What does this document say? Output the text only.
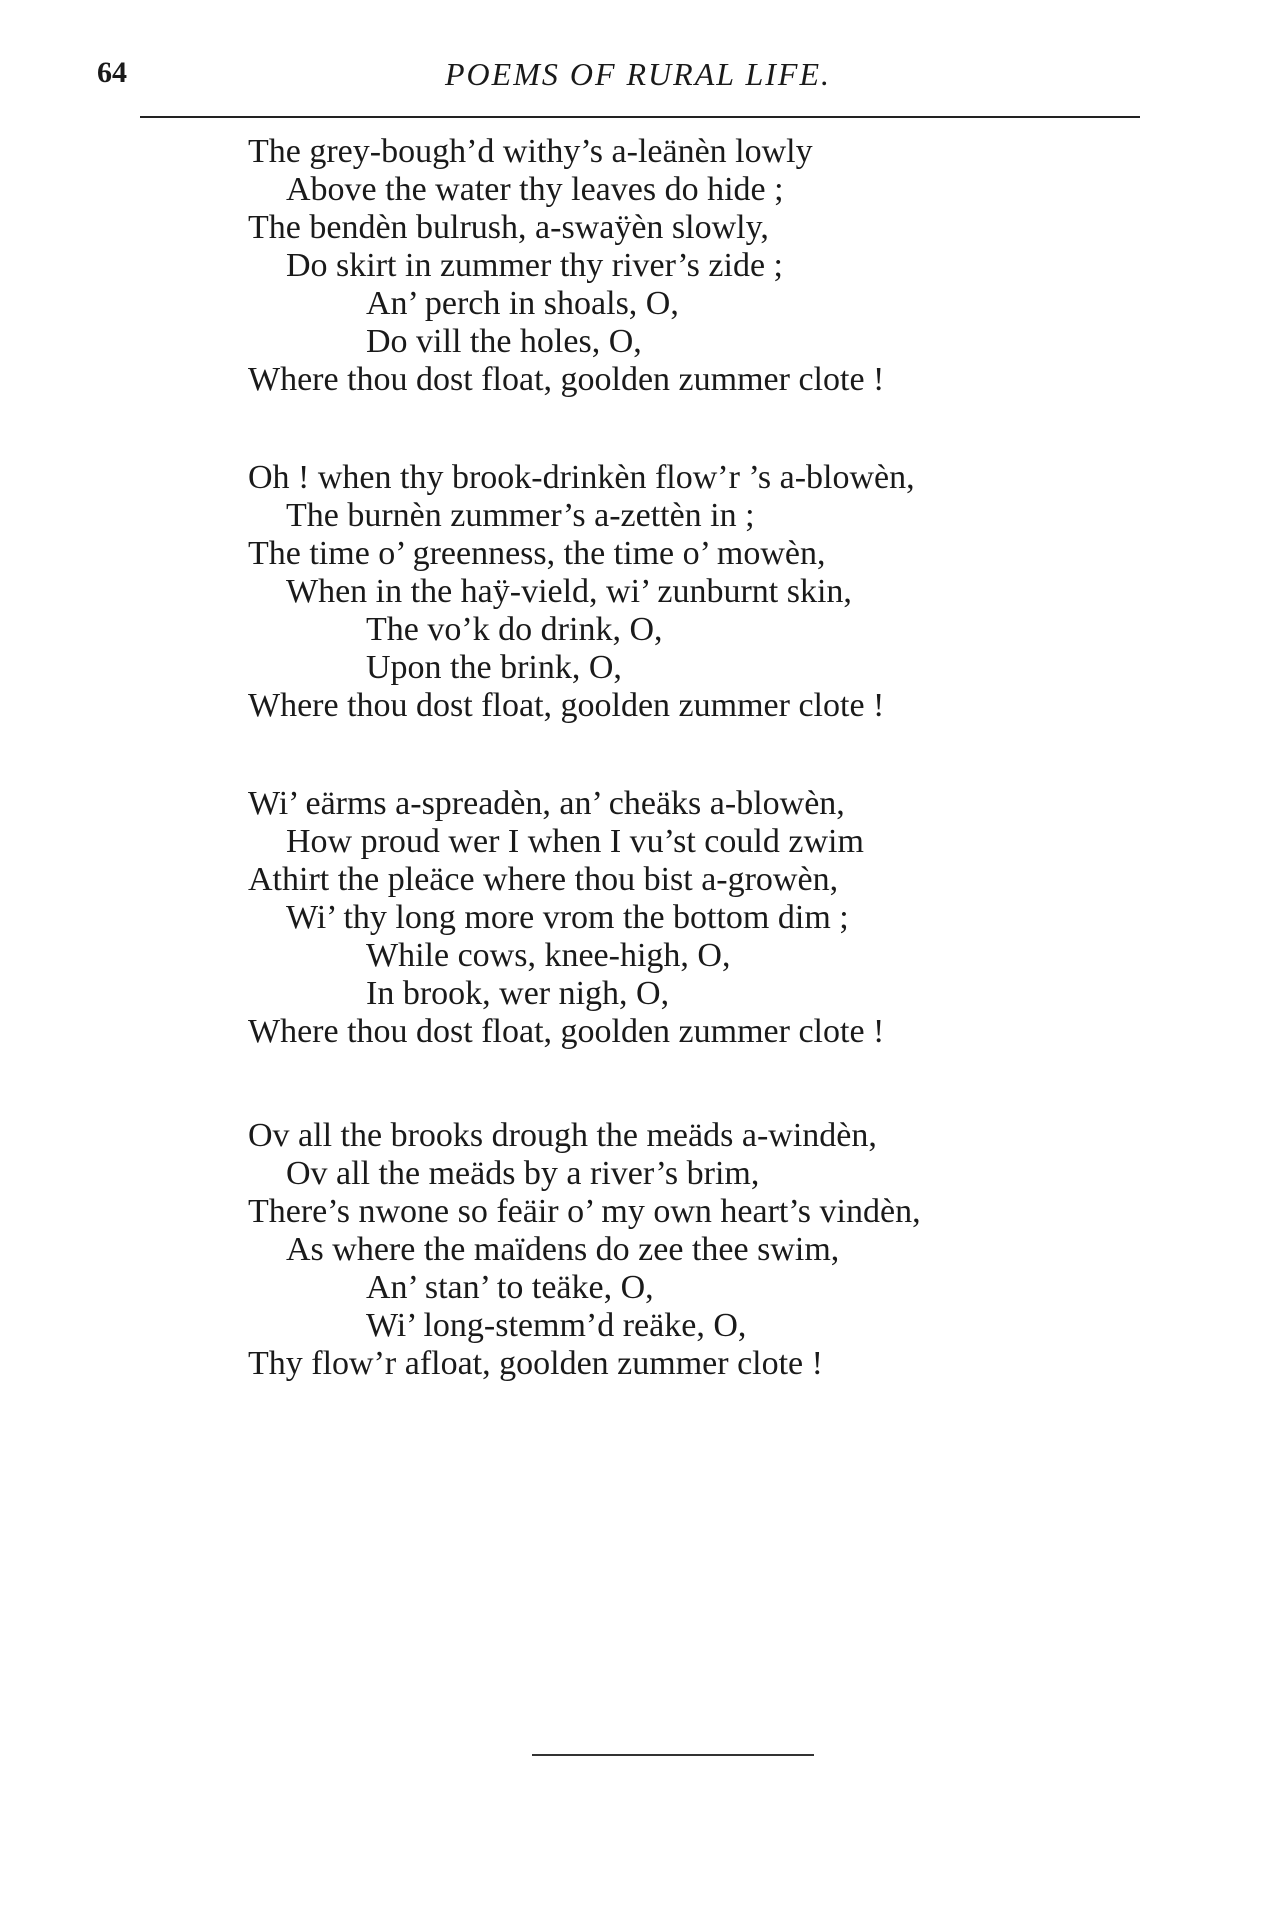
64	POEMS OF RURAL LIFE.
The grey-bough’d withy’s a-leänèn lowly
Above the water thy leaves do hide ;
The bendèn bulrush, a-swaÿèn slowly,
Do skirt in zummer thy river’s zide ;
An’ perch in shoals, O,
Do vill the holes, O,
Where thou dost float, goolden zummer clote !
Oh ! when thy brook-drinkèn flow’r ’s a-blowèn,
The burnèn zummer’s a-zettèn in ;
The time o’ greenness, the time o’ mowèn,
When in the haÿ-vield, wi’ zunburnt skin,
The vo’k do drink, O,
Upon the brink, O,
Where thou dost float, goolden zummer clote !
Wi’ eärms a-spreadèn, an’ cheäks a-blowèn,
How proud wer I when I vu’st could zwim
Athirt the pleäce where thou bist a-growèn,
Wi’ thy long more vrom the bottom dim ;
While cows, knee-high, O,
In brook, wer nigh, O,
Where thou dost float, goolden zummer clote !
Ov all the brooks drough the meäds a-windèn,
Ov all the meäds by a river’s brim,
There’s nwone so feäir o’ my own heart’s vindèn,
As where the maïdens do zee thee swim,
An’ stan’ to teäke, O,
Wi’ long-stemm’d reäke, O,
Thy flow’r afloat, goolden zummer clote !
